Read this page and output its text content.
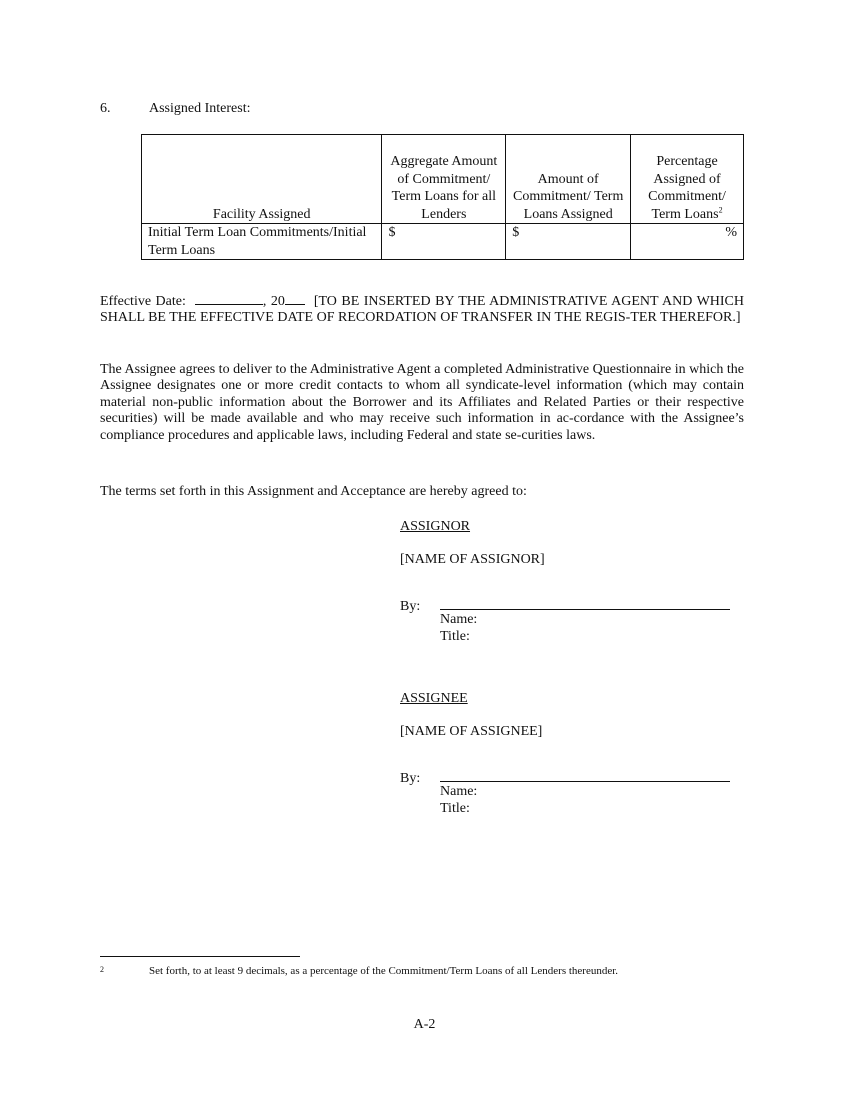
6.	Assigned Interest:
Facility Assigned	Aggregate Amount of Commitment/ Term Loans for all Lenders	Amount of Commitment/ Term Loans Assigned	Percentage Assigned of Commitment/ Term Loans$^2$
Initial Term Loan Commitments/Initial Term Loans	$	$	%
Effective Date:	, 20 [TO BE INSERTED BY THE ADMINISTRATIVE AGENT AND WHICH SHALL BE THE EFFECTIVE DATE OF RECORDATION OF TRANSFER IN THE REGIS-TER THEREFOR.]
The Assignee agrees to deliver to the Administrative Agent a completed Administrative Questionnaire in which the Assignee designates one or more credit contacts to whom all syndicate-level information (which may contain material non-public information about the Borrower and its Affiliates and Related Parties or their respective securities) will be made available and who may receive such information in ac-cordance with the Assignee’s compliance procedures and applicable laws, including Federal and state se-curities laws.
The terms set forth in this Assignment and Acceptance are hereby agreed to:
ASSIGNOR
[NAME OF ASSIGNOR]
By:
Name:
Title:
ASSIGNEE
[NAME OF ASSIGNEE]
By:
Name:
Title:
2	Set forth, to at least 9 decimals, as a percentage of the Commitment/Term Loans of all Lenders thereunder.
A-2
